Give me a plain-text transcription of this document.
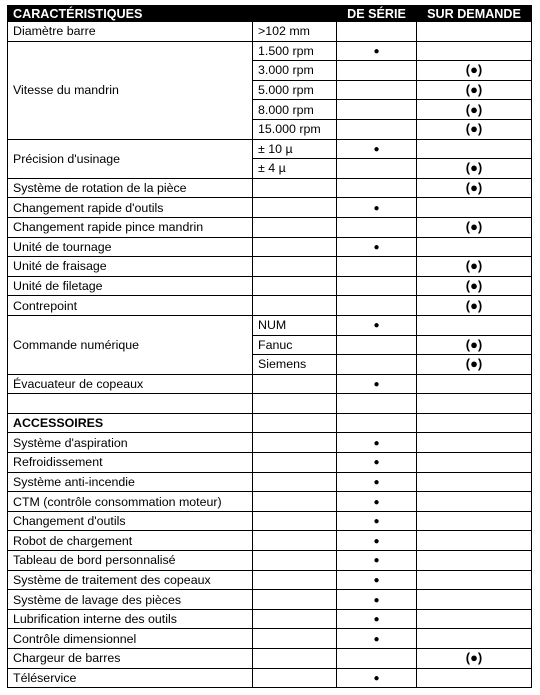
CARACTÉRISTIQUES		DE SÉRIE	SUR DEMANDE
Diamètre barre	>102 mm		
Vitesse du mandrin	1.500 rpm	●	
	3.000 rpm		(●)
	5.000 rpm		(●)
	8.000 rpm		(●)
	15.000 rpm		(●)
Précision d'usinage	± 10 µ	●	
	± 4 µ		(●)
Système de rotation de la pièce			(●)
Changement rapide d'outils		●	
Changement rapide pince mandrin			(●)
Unité de tournage		●	
Unité de fraisage			(●)
Unité de filetage			(●)
Contrepoint			(●)
Commande numérique	NUM	●	
	Fanuc		(●)
	Siemens		(●)
Évacuateur de copeaux		●	

ACCESSOIRES			
Système d'aspiration		●	
Refroidissement		●	
Système anti-incendie		●	
CTM (contrôle consommation moteur)		●	
Changement d'outils		●	
Robot de chargement		●	
Tableau de bord personnalisé		●	
Système de traitement des copeaux		●	
Système de lavage des pièces		●	
Lubrification interne des outils		●	
Contrôle dimensionnel		●	
Chargeur de barres			(●)
Téléservice		●	
